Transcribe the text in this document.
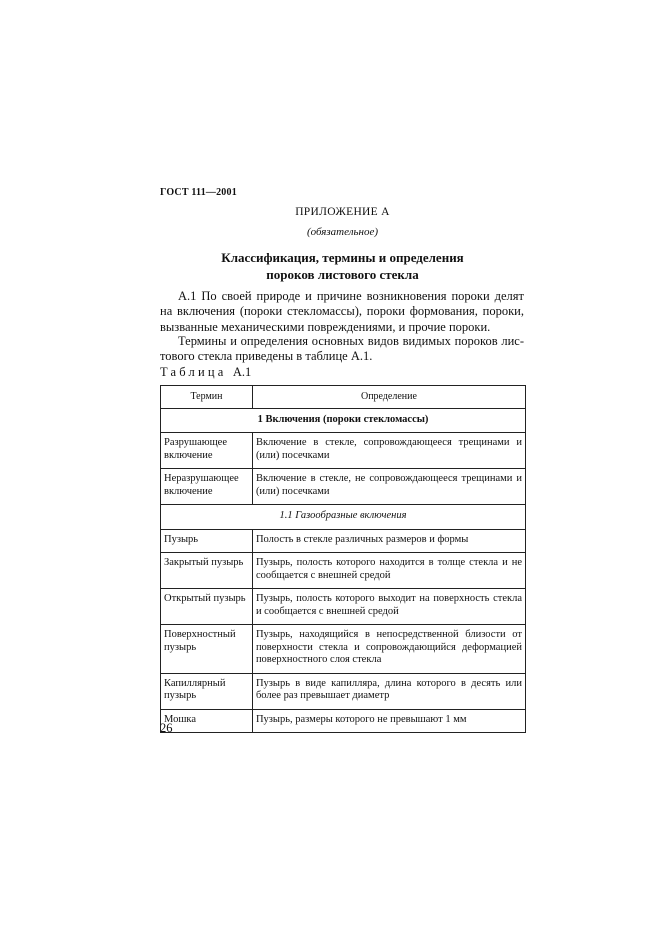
ГОСТ 111—2001
ПРИЛОЖЕНИЕ А
(обязательное)
Классификация, термины и определения
пороков листового стекла
А.1 По своей природе и причине возникновения пороки делят
на включения (пороки стекломассы), пороки формования, пороки,
вызванные механическими повреждениями, и прочие пороки.
Термины и определения основных видов видимых пороков лис-
тового стекла приведены в таблице А.1.
Таблица А.1
Термин	Определение
1 Включения (пороки стекломассы)	
Разрушающее включение	Включение в стекле, сопровождающееся трещинами и (или) посечками
Неразрушающее включение	Включение в стекле, не сопровождающееся трещинами и (или) посечками
1.1 Газообразные включения	
Пузырь	Полость в стекле различных размеров и формы
Закрытый пузырь	Пузырь, полость которого находится в толще стекла и не сообщается с внешней средой
Открытый пузырь	Пузырь, полость которого выходит на поверхность стекла и сообщается с внешней средой
Поверхностный пузырь	Пузырь, находящийся в непосредственной близости от поверхности стекла и сопровождающийся деформацией поверхностного слоя стекла
Капиллярный пузырь	Пузырь в виде капилляра, длина которого в десять или более раз превышает диаметр
Мошка	Пузырь, размеры которого не превышают 1 мм
26
